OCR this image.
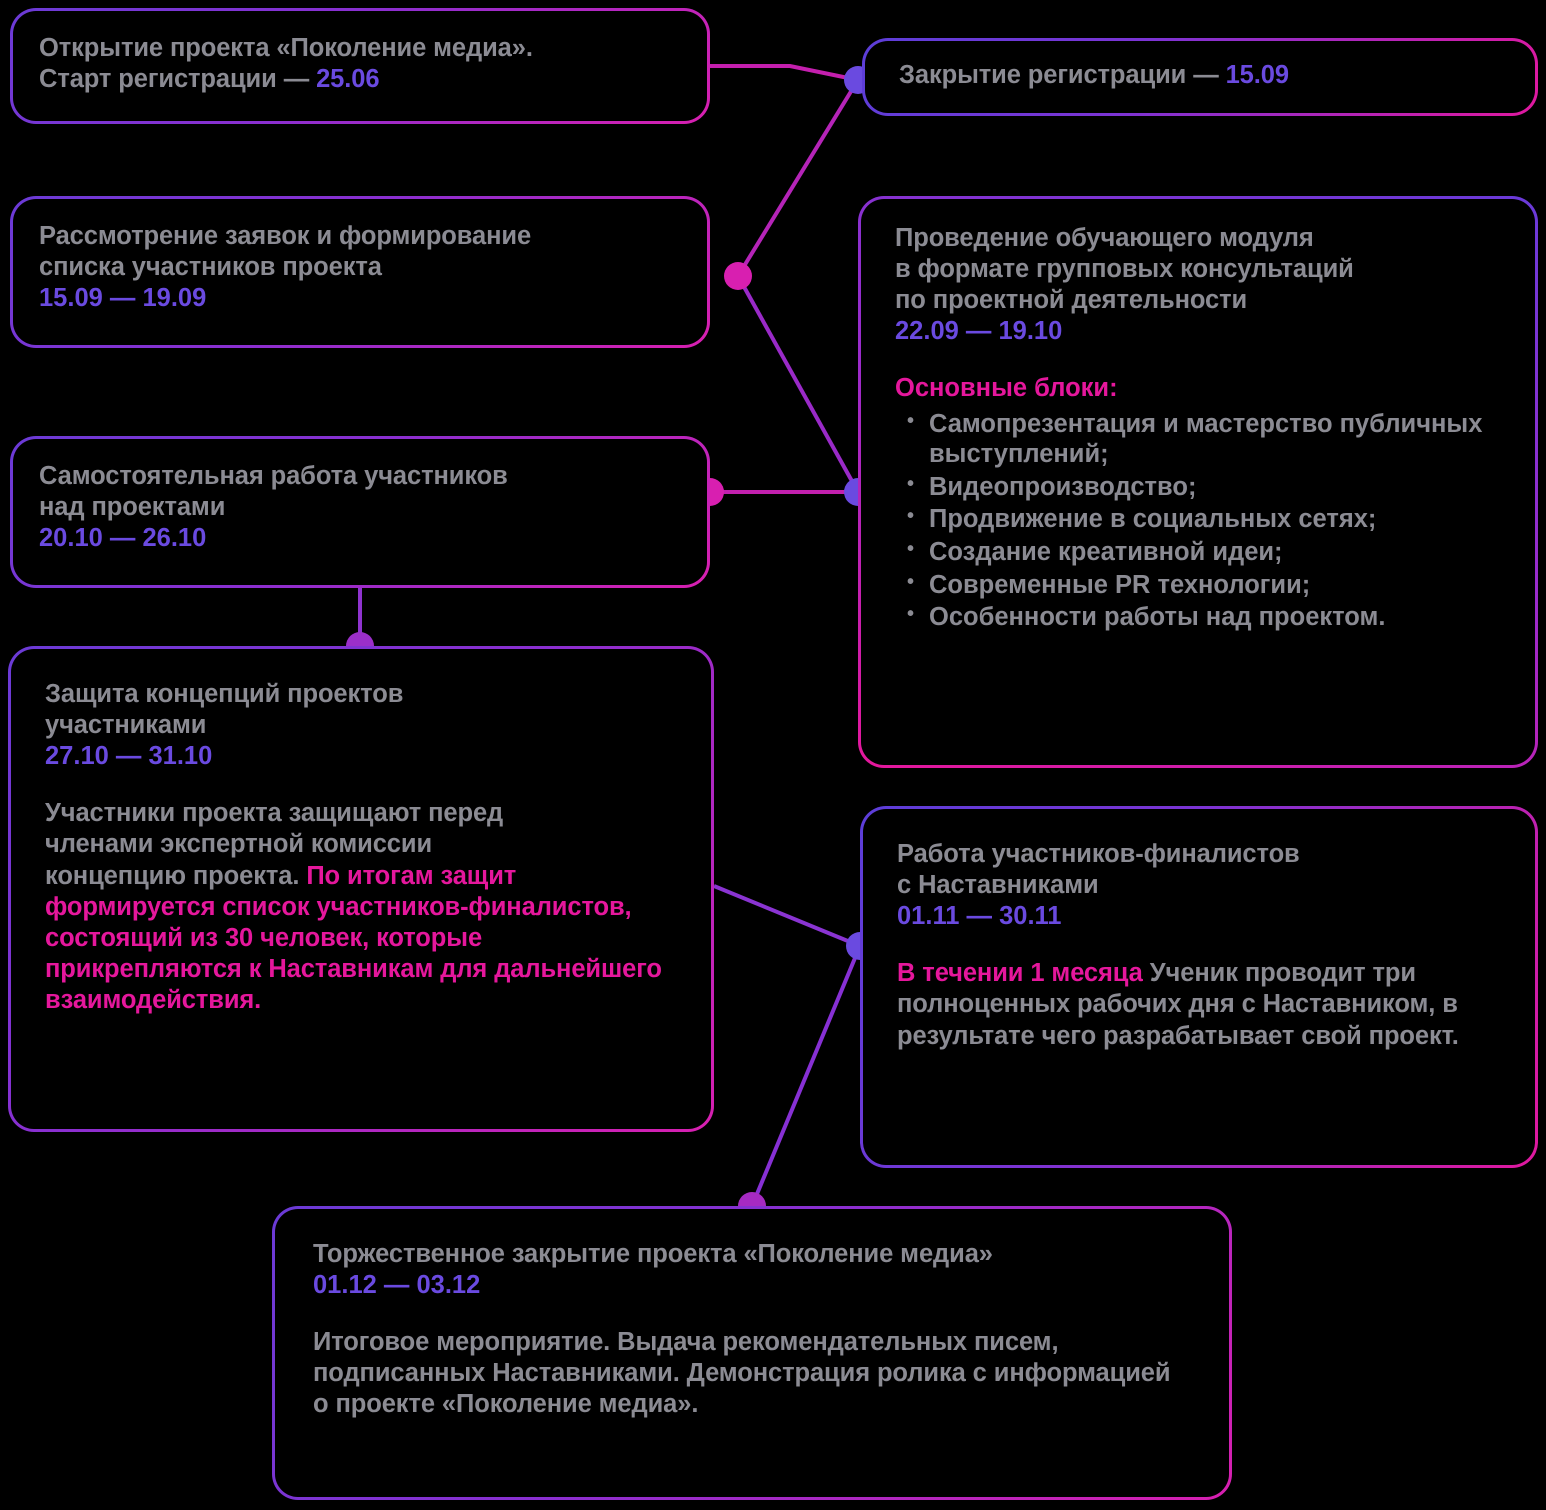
Открытие проекта «Поколение медиа».
Старт регистрации — 25.06	Закрытие регистрации — 15.09
Рассмотрение заявок и формирование
списка участников проекта
15.09 — 19.09
Проведение обучающего модуля
в формате групповых консультаций
по проектной деятельности
22.09 — 19.10
Основные блоки:
• Самопрезентация и мастерство публичных выступлений;
• Видеопроизводство;
• Продвижение в социальных сетях;
• Создание креативной идеи;
• Современные PR технологии;
• Особенности работы над проектом.
Самостоятельная работа участников
над проектами
20.10 — 26.10
Защита концепций проектов
участниками
27.10 — 31.10
Участники проекта защищают перед
членами экспертной комиссии
концепцию проекта. По итогам защит формируется список участников-финалистов, состоящий из 30 человек, которые прикрепляются к Наставникам для дальнейшего взаимодействия.
Работа участников-финалистов
с Наставниками
01.11 — 30.11
В течении 1 месяца Ученик проводит три полноценных рабочих дня с Наставником, в результате чего разрабатывает свой проект.
Торжественное закрытие проекта «Поколение медиа»
01.12 — 03.12
Итоговое мероприятие. Выдача рекомендательных писем, подписанных Наставниками. Демонстрация ролика с информацией о проекте «Поколение медиа».
